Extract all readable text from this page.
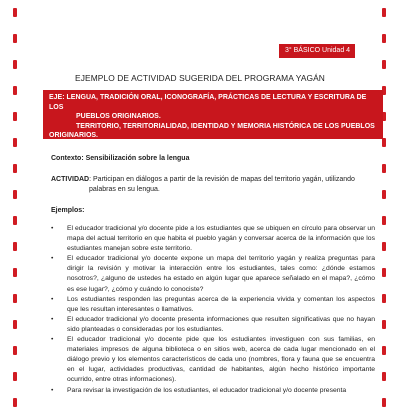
3° BÁSICO Unidad 4
EJEMPLO DE ACTIVIDAD SUGERIDA DEL PROGRAMA YAGÁN
EJE: LENGUA, TRADICIÓN ORAL, ICONOGRAFÍA, PRÁCTICAS DE LECTURA Y ESCRITURA DE LOS
PUEBLOS ORIGINARIOS.
TERRITORIO, TERRITORIALIDAD, IDENTIDAD Y MEMORIA HISTÓRICA DE LOS PUEBLOS
ORIGINARIOS.
Contexto: Sensibilización sobre la lengua
ACTIVIDAD: Participan en diálogos a partir de la revisión de mapas del territorio yagán, utilizando
palabras en su lengua.
Ejemplos:
• El educador tradicional y/o docente pide a los estudiantes que se ubiquen en círculo para observar un mapa del actual territorio en que habita el pueblo yagán y conversar acerca de la información que los estudiantes manejan sobre este territorio.
• El educador tradicional y/o docente expone un mapa del territorio yagán y realiza preguntas para dirigir la revisión y motivar la interacción entre los estudiantes, tales como: ¿dónde estamos nosotros?, ¿alguno de ustedes ha estado en algún lugar que aparece señalado en el mapa?, ¿cómo es ese lugar?, ¿cómo y cuándo lo conociste?
• Los estudiantes responden las preguntas acerca de la experiencia vivida y comentan los aspectos que les resultan interesantes o llamativos.
• El educador tradicional y/o docente presenta informaciones que resulten significativas que no hayan sido planteadas o consideradas por los estudiantes.
• El educador tradicional y/o docente pide que los estudiantes investiguen con sus familias, en materiales impresos de alguna biblioteca o en sitios web, acerca de cada lugar mencionado en el diálogo previo y los elementos característicos de cada uno (nombres, flora y fauna que se encuentra en el lugar, actividades productivas, cantidad de habitantes, algún hecho histórico importante ocurrido, entre otras informaciones).
• Para revisar la investigación de los estudiantes, el educador tradicional y/o docente presenta
